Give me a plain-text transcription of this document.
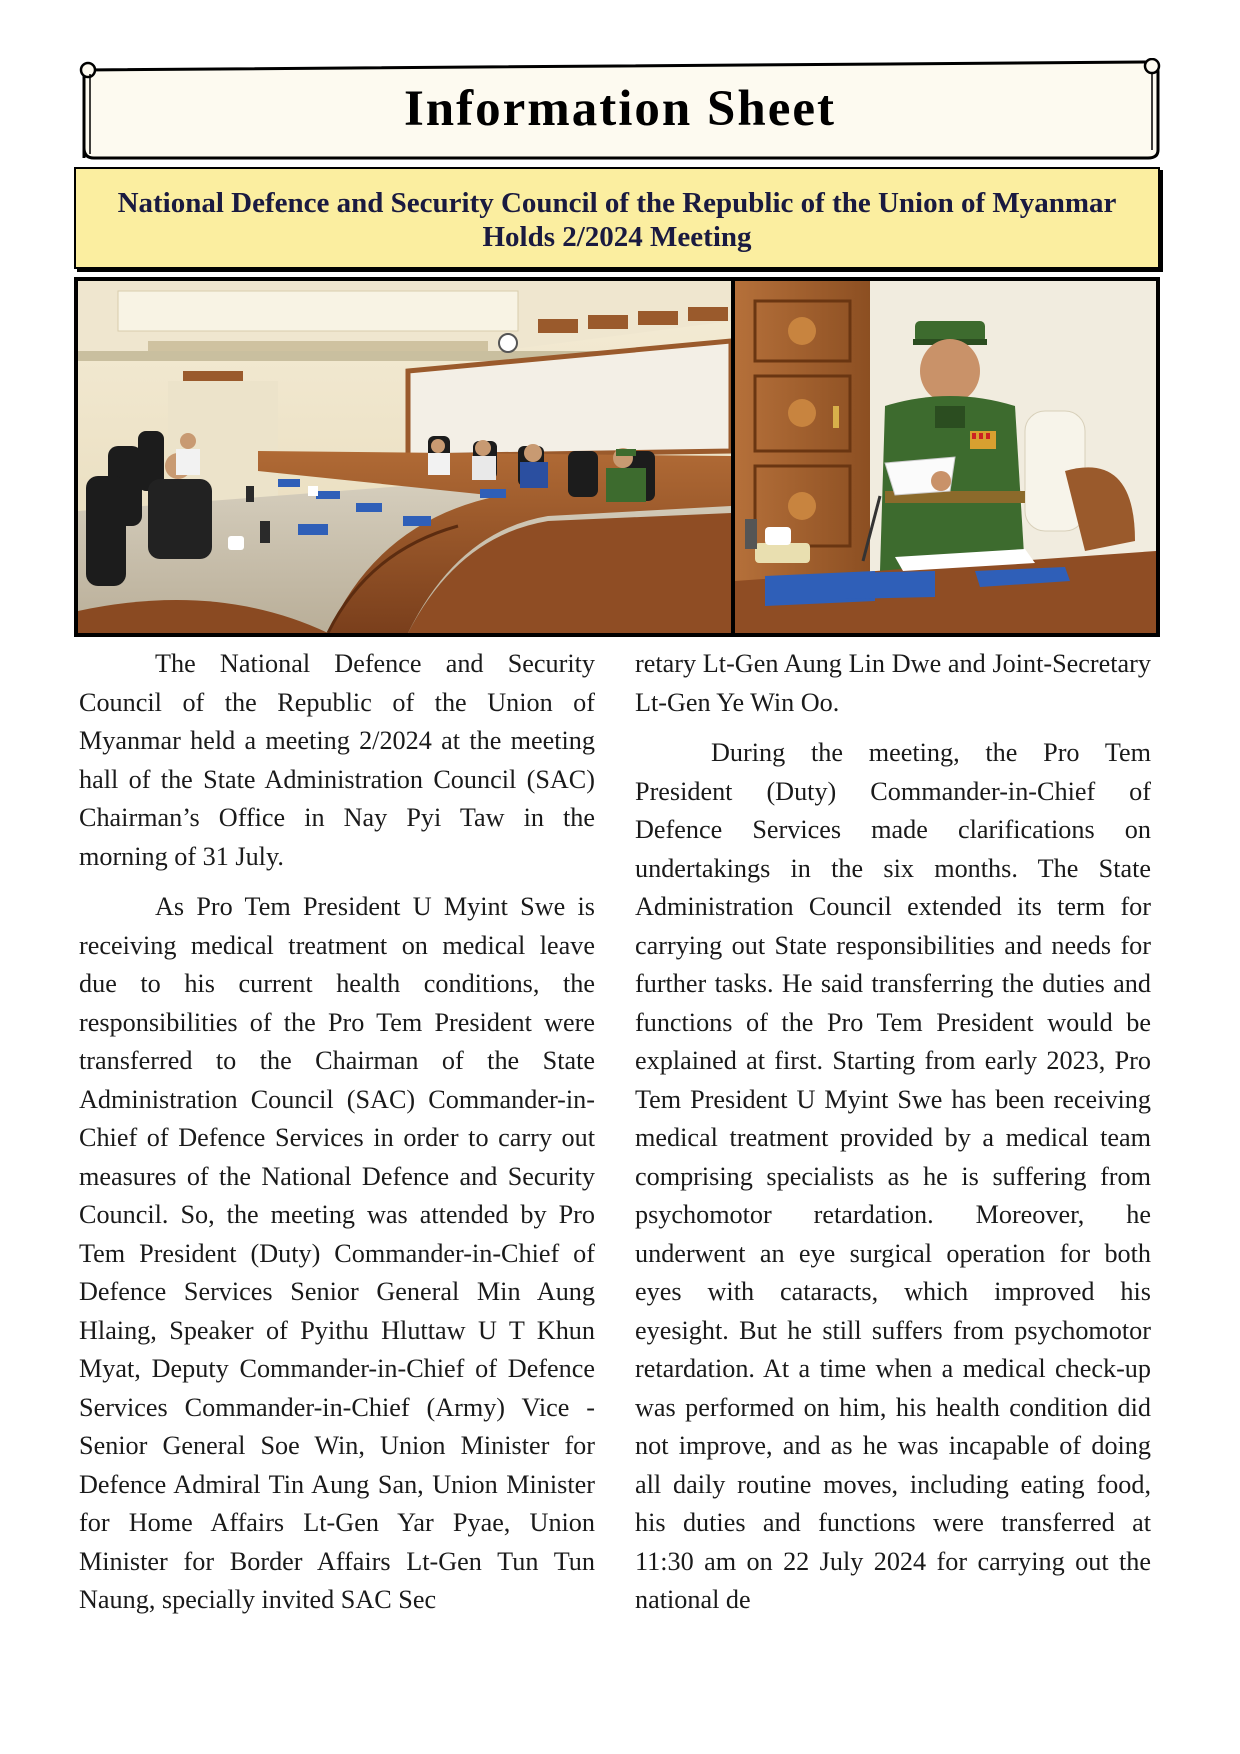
Information Sheet
National Defence and Security Council of the Republic of the Union of Myanmar
Holds 2/2024 Meeting

The National Defence and Security Council of the Republic of the Union of Myanmar held a meeting 2/2024 at the meeting hall of the State Administration Council (SAC) Chairman’s Office in Nay Pyi Taw in the morning of 31 July.

As Pro Tem President U Myint Swe is receiving medical treatment on medical leave due to his current health conditions, the responsibilities of the Pro Tem President were transferred to the Chairman of the State Administration Council (SAC) Commander-in-Chief of Defence Services in order to carry out measures of the National Defence and Security Council. So, the meeting was attended by Pro Tem President (Duty) Commander-in-Chief of Defence Services Senior General Min Aung Hlaing, Speaker of Pyithu Hluttaw U T Khun Myat, Deputy Commander-in-Chief of Defence Services Commander-in-Chief (Army) Vice -Senior General Soe Win, Union Minister for Defence Admiral Tin Aung San, Union Minister for Home Affairs Lt-Gen Yar Pyae, Union Minister for Border Affairs Lt-Gen Tun Tun Naung, specially invited SAC Sec

retary Lt-Gen Aung Lin Dwe and Joint-Secretary Lt-Gen Ye Win Oo.

During the meeting, the Pro Tem President (Duty) Commander-in-Chief of Defence Services made clarifications on undertakings in the six months. The State Administration Council extended its term for carrying out State responsibilities and needs for further tasks. He said transferring the duties and functions of the Pro Tem President would be explained at first. Starting from early 2023, Pro Tem President U Myint Swe has been receiving medical treatment provided by a medical team comprising specialists as he is suffering from psychomotor retardation. Moreover, he underwent an eye surgical operation for both eyes with cataracts, which improved his eyesight. But he still suffers from psychomotor retardation. At a time when a medical check-up was performed on him, his health condition did not improve, and as he was incapable of doing all daily routine moves, including eating food, his duties and functions were transferred at 11:30 am on 22 July 2024 for carrying out the national de
